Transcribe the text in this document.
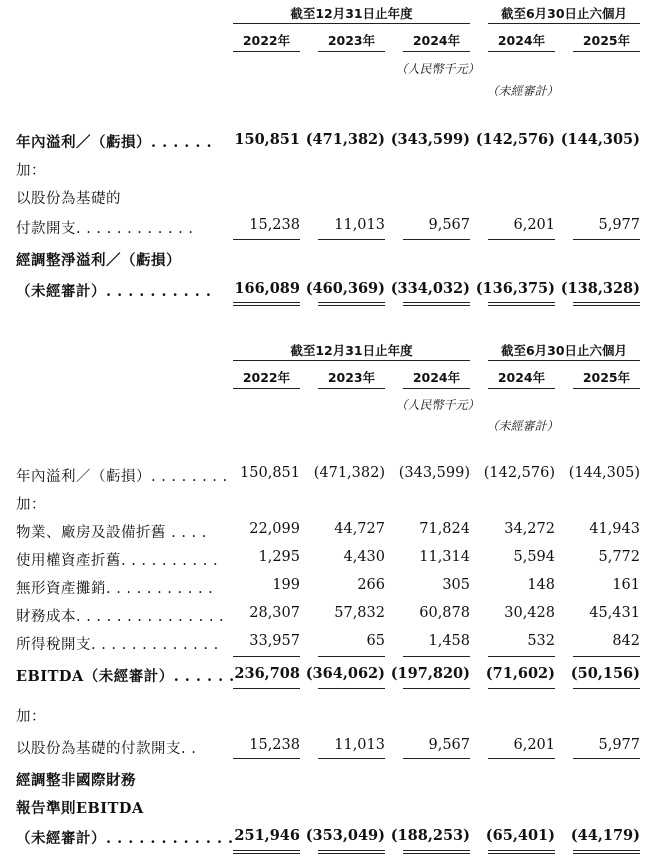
截至12月31日止年度	截至6月30日止六個月
2022年	2023年	2024年	2024年	2025年
（人民幣千元）
（未經審計）
年內溢利／（虧損）. . . . . . 150,851 (471,382) (343,599) (142,576) (144,305)
加：
以股份為基礎的
付款開支. . . . . . . . . . . .	15,238 11,013	9,567	6,201	5,977
經調整淨溢利／（虧損）
（未經審計）. . . . . . . . . . 166,089 (460,369) (334,032) (136,375) (138,328)
截至12月31日止年度	截至6月30日止六個月
2022年	2023年	2024年	2024年	2025年
（人民幣千元）
（未經審計）
年內溢利／（虧損）. . . . . . . . 150,851 (471,382) (343,599) (142,576) (144,305)
加：
物業、廠房及設備折舊 . . . .	22,099 44,727 71,824 34,272 41,943
使用權資產折舊. . . . . . . . . .	1,295	4,430 11,314	5,594	5,772
無形資產攤銷. . . . . . . . . . .	199	266	305	148	161
財務成本. . . . . . . . . . . . . . . 28,307 57,832 60,878 30,428 45,431
所得稅開支. . . . . . . . . . . . . 33,957	65	1,458	532	842
EBITDA（未經審計）. . . . . . 236,708 (364,062) (197,820) (71,602) (50,156)
加：
以股份為基礎的付款開支. .	15,238 11,013	9,567	6,201	5,977
經調整非國際財務
報告準則EBITDA
（未經審計）. . . . . . . . . . . . 251,946 (353,049) (188,253) (65,401) (44,179)
